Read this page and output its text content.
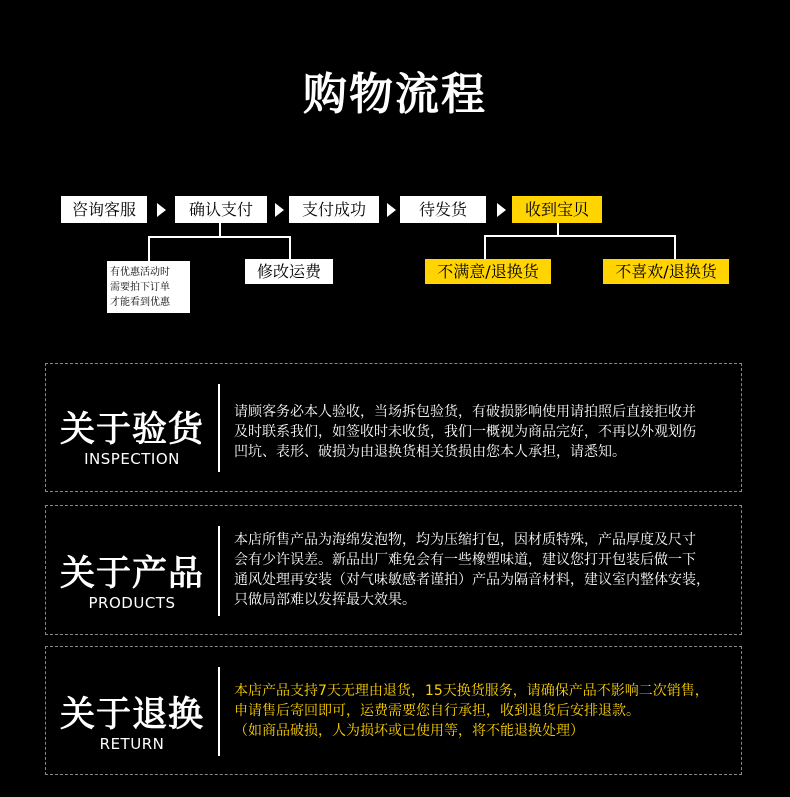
购物流程
咨询客服	确认支付	支付成功	待发货	收到宝贝
有优惠活动时
需要拍下订单
才能看到优惠
修改运费	不满意/退换货	不喜欢/退换货
关于验货
INSPECTION
请顾客务必本人验收，当场拆包验货，有破损影响使用请拍照后直接拒收并
及时联系我们，如签收时未收货，我们一概视为商品完好，不再以外观划伤
凹坑、表形、破损为由退换货相关货损由您本人承担，请悉知。
关于产品
PRODUCTS
本店所售产品为海绵发泡物，均为压缩打包，因材质特殊，产品厚度及尺寸
会有少许误差。新品出厂难免会有一些橡塑味道，建议您打开包装后做一下
通风处理再安装（对气味敏感者谨拍）产品为隔音材料，建议室内整体安装，
只做局部难以发挥最大效果。
关于退换
RETURN
本店产品支持7天无理由退货，15天换货服务，请确保产品不影响二次销售，
申请售后寄回即可，运费需要您自行承担，收到退货后安排退款。
（如商品破损，人为损坏或已使用等，将不能退换处理）
